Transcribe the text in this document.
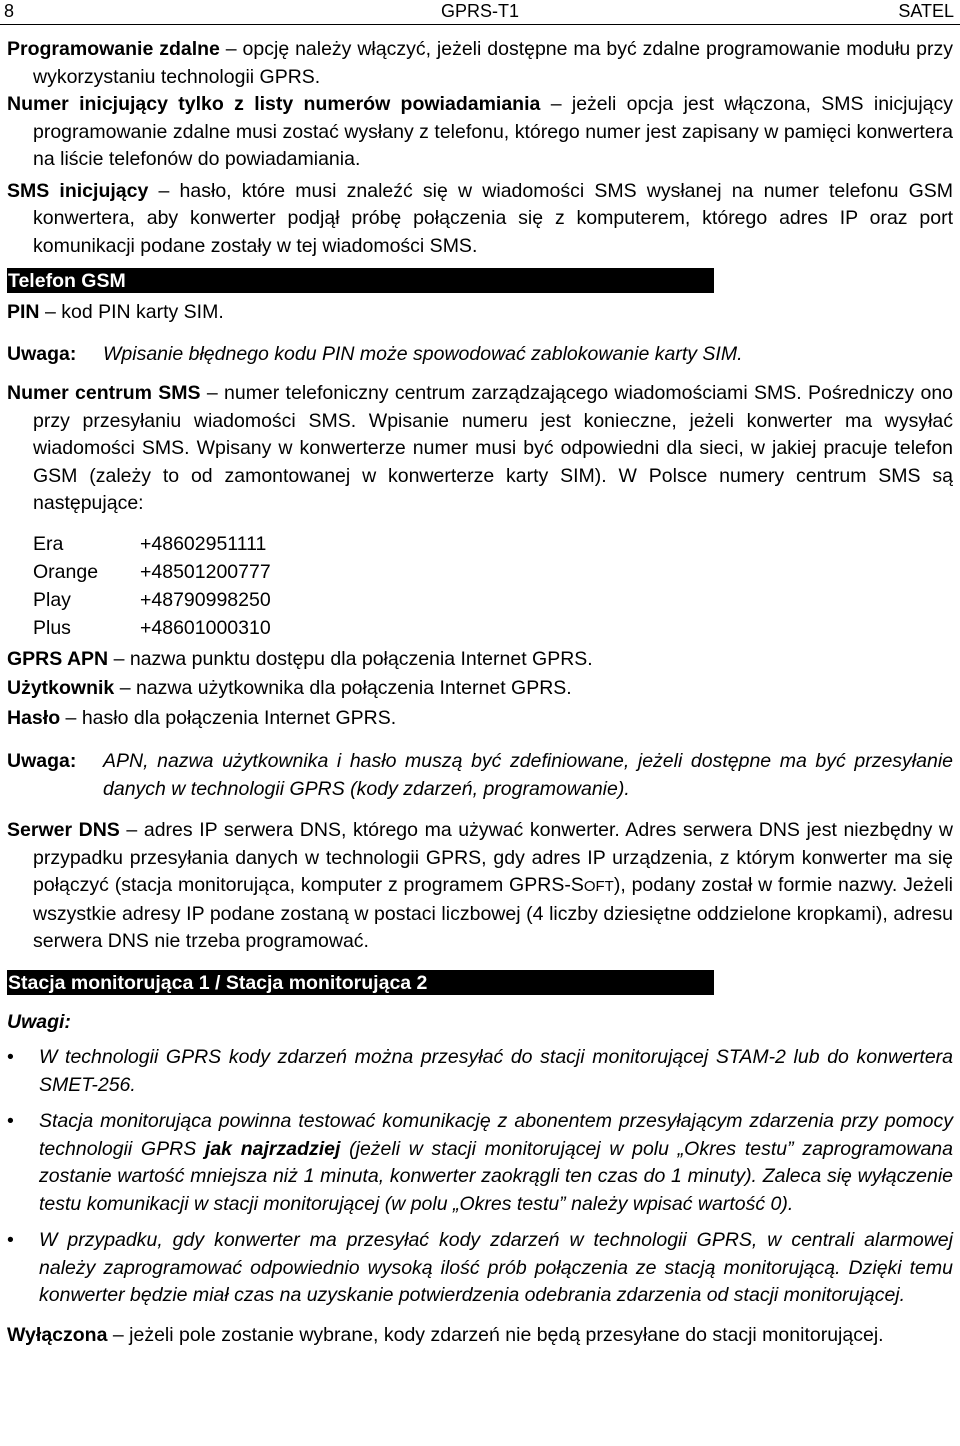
GPRS-T1
8	SATEL

Programowanie zdalne – opcję należy włączyć, jeżeli dostępne ma być zdalne programowanie modułu przy wykorzystaniu technologii GPRS.

Numer inicjujący tylko z listy numerów powiadamiania – jeżeli opcja jest włączona, SMS inicjujący programowanie zdalne musi zostać wysłany z telefonu, którego numer jest zapisany w pamięci konwertera na liście telefonów do powiadamiania.

SMS inicjujący – hasło, które musi znaleźć się w wiadomości SMS wysłanej na numer telefonu GSM konwertera, aby konwerter podjął próbę połączenia się z komputerem, którego adres IP oraz port komunikacji podane zostały w tej wiadomości SMS.

Telefon GSM

PIN – kod PIN karty SIM.

Uwaga:	Wpisanie błędnego kodu PIN może spowodować zablokowanie karty SIM.

Numer centrum SMS – numer telefoniczny centrum zarządzającego wiadomościami SMS. Pośredniczy ono przy przesyłaniu wiadomości SMS. Wpisanie numeru jest konieczne, jeżeli konwerter ma wysyłać wiadomości SMS. Wpisany w konwerterze numer musi być odpowiedni dla sieci, w jakiej pracuje telefon GSM (zależy to od zamontowanej w konwerterze karty SIM). W Polsce numery centrum SMS są następujące:

Era	+48602951111
Orange	+48501200777
Play	+48790998250
Plus	+48601000310

GPRS APN – nazwa punktu dostępu dla połączenia Internet GPRS.

Użytkownik – nazwa użytkownika dla połączenia Internet GPRS.

Hasło – hasło dla połączenia Internet GPRS.

Uwaga:	APN, nazwa użytkownika i hasło muszą być zdefiniowane, jeżeli dostępne ma być przesyłanie danych w technologii GPRS (kody zdarzeń, programowanie).

Serwer DNS – adres IP serwera DNS, którego ma używać konwerter. Adres serwera DNS jest niezbędny w przypadku przesyłania danych w technologii GPRS, gdy adres IP urządzenia, z którym konwerter ma się połączyć (stacja monitorująca, komputer z programem GPRS-SOFT), podany został w formie nazwy. Jeżeli wszystkie adresy IP podane zostaną w postaci liczbowej (4 liczby dziesiętne oddzielone kropkami), adresu serwera DNS nie trzeba programować.

Stacja monitorująca 1 / Stacja monitorująca 2

Uwagi:

• W technologii GPRS kody zdarzeń można przesyłać do stacji monitorującej STAM-2 lub do konwertera SMET-256.
• Stacja monitorująca powinna testować komunikację z abonentem przesyłającym zdarzenia przy pomocy technologii GPRS jak najrzadziej (jeżeli w stacji monitorującej w polu „Okres testu” zaprogramowana zostanie wartość mniejsza niż 1 minuta, konwerter zaokrągli ten czas do 1 minuty). Zaleca się wyłączenie testu komunikacji w stacji monitorującej (w polu „Okres testu” należy wpisać wartość 0).
• W przypadku, gdy konwerter ma przesyłać kody zdarzeń w technologii GPRS, w centrali alarmowej należy zaprogramować odpowiednio wysoką ilość prób połączenia ze stacją monitorującą. Dzięki temu konwerter będzie miał czas na uzyskanie potwierdzenia odebrania zdarzenia od stacji monitorującej.

Wyłączona – jeżeli pole zostanie wybrane, kody zdarzeń nie będą przesyłane do stacji monitorującej.
